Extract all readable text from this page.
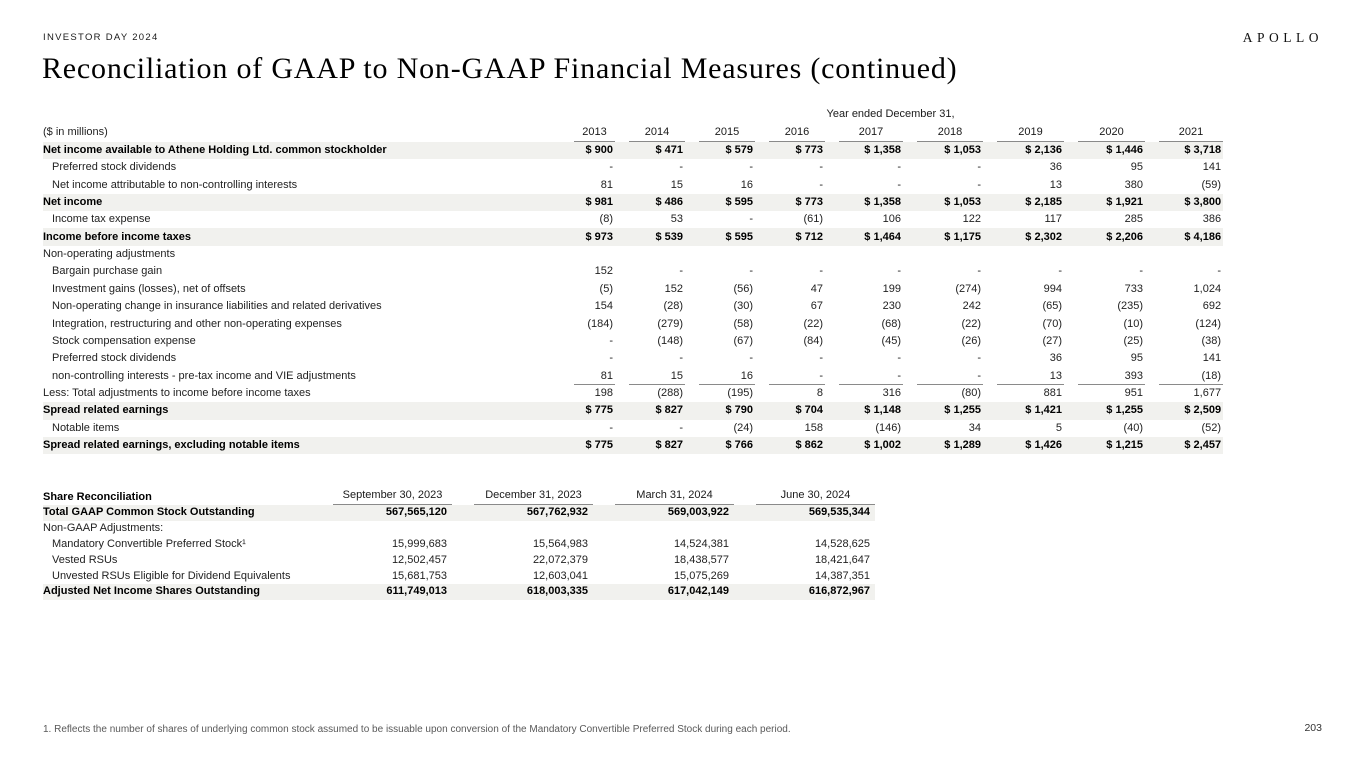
INVESTOR DAY 2024	APOLLO
Reconciliation of GAAP to Non-GAAP Financial Measures (continued)
	Year ended December 31,								
($ in millions)	2013	2014	2015	2016	2017	2018	2019	2020	2021

Net income available to Athene Holding Ltd. common stockholder	$ 900	$ 471	$ 579	$ 773	$ 1,358	$ 1,053	$ 2,136	$ 1,446	$ 3,718
Preferred stock dividends	-	-	-	-	-	-	36	95	141
Net income attributable to non-controlling interests	81	15	16	-	-	-	13	380	(59)
Net income	$ 981	$ 486	$ 595	$ 773	$ 1,358	$ 1,053	$ 2,185	$ 1,921	$ 3,800
Income tax expense	(8)	53	-	(61)	106	122	117	285	386
Income before income taxes	$ 973	$ 539	$ 595	$ 712	$ 1,464	$ 1,175	$ 2,302	$ 2,206	$ 4,186
Non-operating adjustments									
Bargain purchase gain	152	-	-	-	-	-	-	-	-
Investment gains (losses), net of offsets	(5)	152	(56)	47	199	(274)	994	733	1,024
Non-operating change in insurance liabilities and related derivatives	154	(28)	(30)	67	230	242	(65)	(235)	692
Integration, restructuring and other non-operating expenses	(184)	(279)	(58)	(22)	(68)	(22)	(70)	(10)	(124)
Stock compensation expense	-	(148)	(67)	(84)	(45)	(26)	(27)	(25)	(38)
Preferred stock dividends	-	-	-	-	-	-	36	95	141
non-controlling interests - pre-tax income and VIE adjustments	81	15	16	-	-	-	13	393	(18)

Less: Total adjustments to income before income taxes	198	(288)	(195)	8	316	(80)	881	951	1,677
Spread related earnings	$ 775	$ 827	$ 790	$ 704	$ 1,148	$ 1,255	$ 1,421	$ 1,255	$ 2,509
Notable items	-	-	(24)	158	(146)	34	5	(40)	(52)
Spread related earnings, excluding notable items	$ 775	$ 827	$ 766	$ 862	$ 1,002	$ 1,289	$ 1,426	$ 1,215	$ 2,457
Share Reconciliation	September 30, 2023	December 31, 2023	March 31, 2024	June 30, 2024

Total GAAP Common Stock Outstanding	567,565,120	567,762,932	569,003,922	569,535,344
Non-GAAP Adjustments:				
Mandatory Convertible Preferred Stock¹	15,999,683	15,564,983	14,524,381	14,528,625
Vested RSUs	12,502,457	22,072,379	18,438,577	18,421,647
Unvested RSUs Eligible for Dividend Equivalents	15,681,753	12,603,041	15,075,269	14,387,351
Adjusted Net Income Shares Outstanding	611,749,013	618,003,335	617,042,149	616,872,967
1. Reflects the number of shares of underlying common stock assumed to be issuable upon conversion of the Mandatory Convertible Preferred Stock during each period.	203
